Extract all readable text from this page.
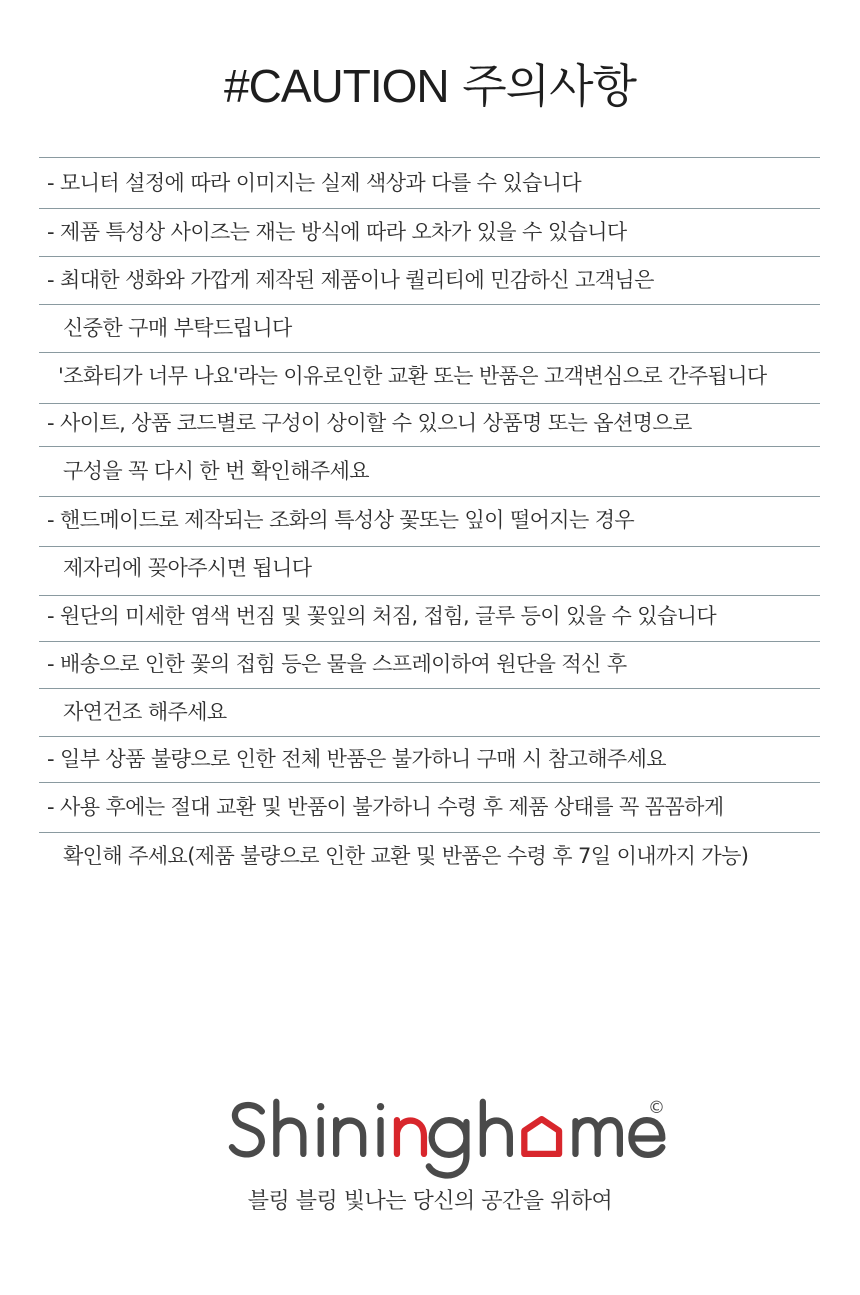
#CAUTION 주의사항
- 모니터 설정에 따라 이미지는 실제 색상과 다를 수 있습니다
- 제품 특성상 사이즈는 재는 방식에 따라 오차가 있을 수 있습니다
- 최대한 생화와 가깝게 제작된 제품이나 퀄리티에 민감하신 고객님은
신중한 구매 부탁드립니다
'조화티가 너무 나요'라는 이유로인한 교환 또는 반품은 고객변심으로 간주됩니다
- 사이트, 상품 코드별로 구성이 상이할 수 있으니 상품명 또는 옵션명으로
구성을 꼭 다시 한 번 확인해주세요
- 핸드메이드로 제작되는 조화의 특성상 꽃또는 잎이 떨어지는 경우
제자리에 꽂아주시면 됩니다
- 원단의 미세한 염색 번짐 및 꽃잎의 처짐, 접힘, 글루 등이 있을 수 있습니다
- 배송으로 인한 꽃의 접힘 등은 물을 스프레이하여 원단을 적신 후
자연건조 해주세요
- 일부 상품 불량으로 인한 전체 반품은 불가하니 구매 시 참고해주세요
- 사용 후에는 절대 교환 및 반품이 불가하니 수령 후 제품 상태를 꼭 꼼꼼하게
확인해 주세요(제품 불량으로 인한 교환 및 반품은 수령 후 7일 이내까지 가능)
©
블링 블링 빛나는 당신의 공간을 위하여
